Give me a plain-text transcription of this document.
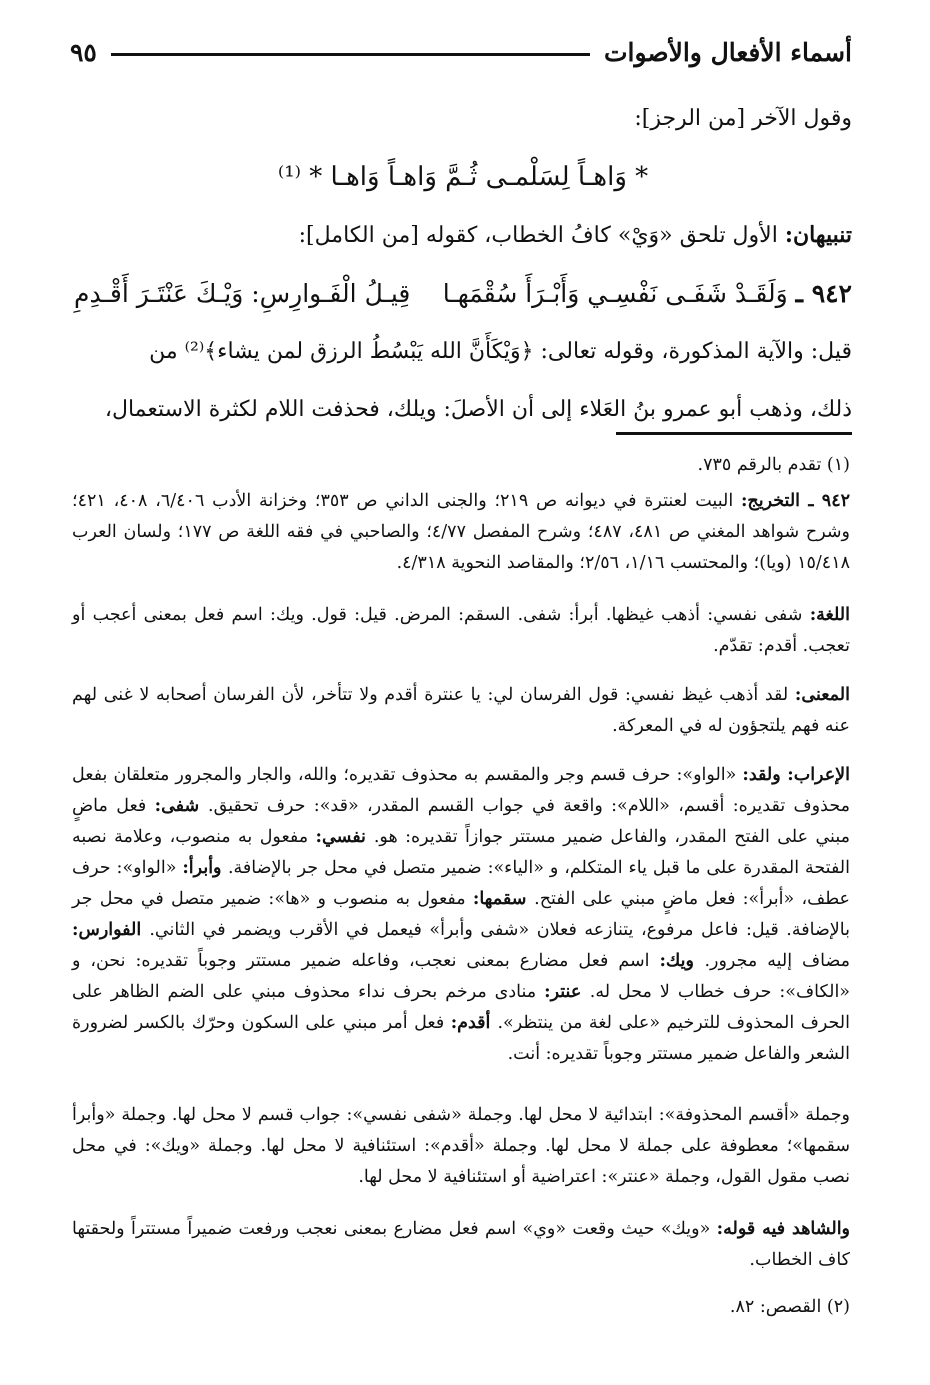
أسماء الأفعال والأصوات
٩٥
وقول الآخر [من الرجز]:
* وَاهـاً لِسَلْمـى ثُـمَّ وَاهـاً وَاهـا * ⁽¹⁾
تنبيهان: الأول تلحق «وَيْ» كافُ الخطاب، كقوله [من الكامل]:
٩٤٢ ـ وَلَقَـدْ شَفَـى نَفْسِـي وَأَبْـرَأَ سُقْمَهـا
قِيـلُ الْفَـوارِسِ: وَيْـكَ عَنْتَـرَ أَقْـدِمِ
قيل: والآية المذكورة، وقوله تعالى: ﴿وَيْكَأَنَّ الله يَبْسُطُ الرزق لمن يشاء﴾⁽²⁾ من
ذلك، وذهب أبو عمرو بنُ العَلاء إلى أن الأصلَ: ويلك، فحذفت اللام لكثرة الاستعمال،

(١) تقدم بالرقم ٧٣٥.

٩٤٢ ـ التخريج: البيت لعنترة في ديوانه ص ٢١٩؛ والجنى الداني ص ٣٥٣؛ وخزانة الأدب ٦/٤٠٦، ٤٠٨، ٤٢١؛ وشرح شواهد المغني ص ٤٨١، ٤٨٧؛ وشرح المفصل ٤/٧٧؛ والصاحبي في فقه اللغة ص ١٧٧؛ ولسان العرب ١٥/٤١٨ (ويا)؛ والمحتسب ١/١٦، ٢/٥٦؛ والمقاصد النحوية ٤/٣١٨.

اللغة: شفى نفسي: أذهب غيظها. أبرأ: شفى. السقم: المرض. قيل: قول. ويك: اسم فعل بمعنى أعجب أو تعجب. أقدم: تقدّم.

المعنى: لقد أذهب غيظ نفسي: قول الفرسان لي: يا عنترة أقدم ولا تتأخر، لأن الفرسان أصحابه لا غنى لهم عنه فهم يلتجؤون له في المعركة.

الإعراب: ولقد: «الواو»: حرف قسم وجر والمقسم به محذوف تقديره؛ والله، والجار والمجرور متعلقان بفعل محذوف تقديره: أقسم، «اللام»: واقعة في جواب القسم المقدر، «قد»: حرف تحقيق. شفى: فعل ماضٍ مبني على الفتح المقدر، والفاعل ضمير مستتر جوازاً تقديره: هو. نفسي: مفعول به منصوب، وعلامة نصبه الفتحة المقدرة على ما قبل ياء المتكلم، و «الياء»: ضمير متصل في محل جر بالإضافة. وأبرأ: «الواو»: حرف عطف، «أبرأ»: فعل ماضٍ مبني على الفتح. سقمها: مفعول به منصوب و «ها»: ضمير متصل في محل جر بالإضافة. قيل: فاعل مرفوع، يتنازعه فعلان «شفى وأبرأ» فيعمل في الأقرب ويضمر في الثاني. الفوارس: مضاف إليه مجرور. ويك: اسم فعل مضارع بمعنى نعجب، وفاعله ضمير مستتر وجوباً تقديره: نحن، و «الكاف»: حرف خطاب لا محل له. عنتر: منادى مرخم بحرف نداء محذوف مبني على الضم الظاهر على الحرف المحذوف للترخيم «على لغة من ينتظر». أقدم: فعل أمر مبني على السكون وحرّك بالكسر لضرورة الشعر والفاعل ضمير مستتر وجوباً تقديره: أنت.

وجملة «أقسم المحذوفة»: ابتدائية لا محل لها. وجملة «شفى نفسي»: جواب قسم لا محل لها. وجملة «وأبرأ سقمها»؛ معطوفة على جملة لا محل لها. وجملة «أقدم»: استئنافية لا محل لها. وجملة «ويك»: في محل نصب مقول القول، وجملة «عنتر»: اعتراضية أو استئنافية لا محل لها.

والشاهد فيه قوله: «ويك» حيث وقعت «وي» اسم فعل مضارع بمعنى نعجب ورفعت ضميراً مستتراً ولحقتها كاف الخطاب.

(٢) القصص: ٨٢.
